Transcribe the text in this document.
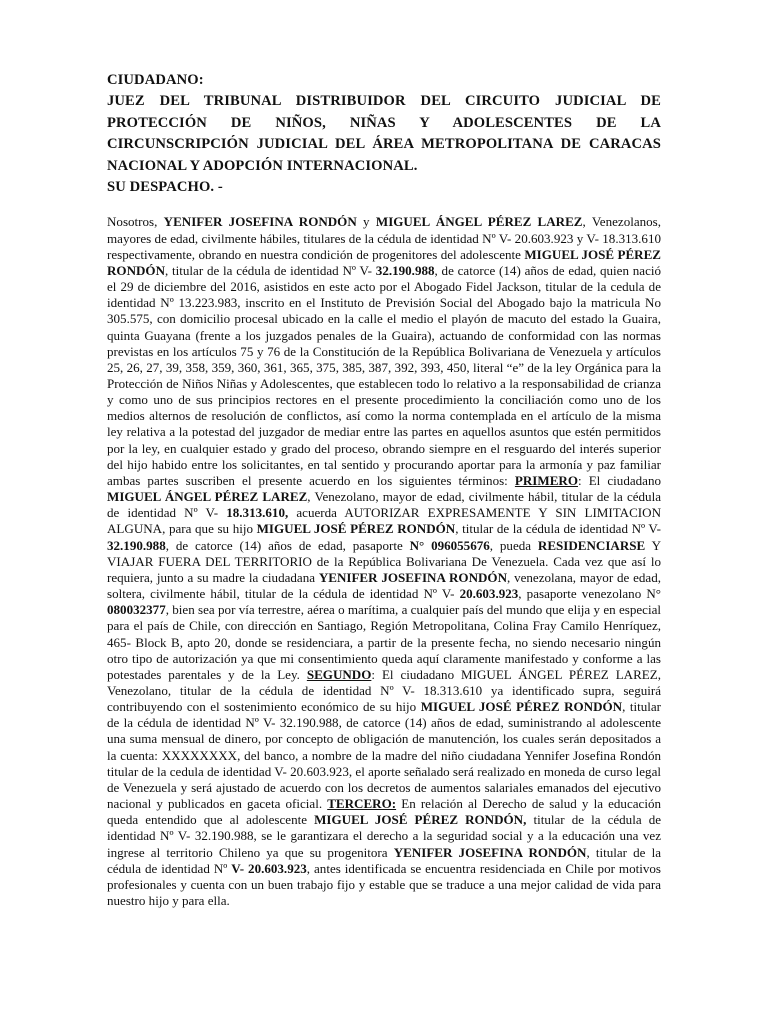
CIUDADANO:
JUEZ DEL TRIBUNAL DISTRIBUIDOR DEL CIRCUITO JUDICIAL DE
PROTECCIÓN DE NIÑOS, NIÑAS Y ADOLESCENTES DE LA
CIRCUNSCRIPCIÓN JUDICIAL DEL ÁREA METROPOLITANA DE CARACAS
NACIONAL Y ADOPCIÓN INTERNACIONAL.
SU DESPACHO. -

Nosotros, YENIFER JOSEFINA RONDÓN y MIGUEL ÁNGEL PÉREZ LAREZ, Venezolanos, mayores de edad, civilmente hábiles, titulares de la cédula de identidad Nº V- 20.603.923 y V- 18.313.610 respectivamente, obrando en nuestra condición de progenitores del adolescente MIGUEL JOSÉ PÉREZ RONDÓN, titular de la cédula de identidad Nº V- 32.190.988, de catorce (14) años de edad, quien nació el 29 de diciembre del 2016, asistidos en este acto por el Abogado Fidel Jackson, titular de la cedula de identidad Nº 13.223.983, inscrito en el Instituto de Previsión Social del Abogado bajo la matricula No 305.575, con domicilio procesal ubicado en la calle el medio el playón de macuto del estado la Guaira, quinta Guayana (frente a los juzgados penales de la Guaira), actuando de conformidad con las normas previstas en los artículos 75 y 76 de la Constitución de la República Bolivariana de Venezuela y artículos 25, 26, 27, 39, 358, 359, 360, 361, 365, 375, 385, 387, 392, 393, 450, literal “e” de la ley Orgánica para la Protección de Niños Niñas y Adolescentes, que establecen todo lo relativo a la responsabilidad de crianza y como uno de sus principios rectores en el presente procedimiento la conciliación como uno de los medios alternos de resolución de conflictos, así como la norma contemplada en el artículo de la misma ley relativa a la potestad del juzgador de mediar entre las partes en aquellos asuntos que estén permitidos por la ley, en cualquier estado y grado del proceso, obrando siempre en el resguardo del interés superior del hijo habido entre los solicitantes, en tal sentido y procurando aportar para la armonía y paz familiar ambas partes suscriben el presente acuerdo en los siguientes términos: PRIMERO: El ciudadano MIGUEL ÁNGEL PÉREZ LAREZ, Venezolano, mayor de edad, civilmente hábil, titular de la cédula de identidad Nº V- 18.313.610, acuerda AUTORIZAR EXPRESAMENTE Y SIN LIMITACION ALGUNA, para que su hijo MIGUEL JOSÉ PÉREZ RONDÓN, titular de la cédula de identidad Nº V- 32.190.988, de catorce (14) años de edad, pasaporte N° 096055676, pueda RESIDENCIARSE Y VIAJAR FUERA DEL TERRITORIO de la República Bolivariana De Venezuela. Cada vez que así lo requiera, junto a su madre la ciudadana YENIFER JOSEFINA RONDÓN, venezolana, mayor de edad, soltera, civilmente hábil, titular de la cédula de identidad Nº V- 20.603.923, pasaporte venezolano N° 080032377, bien sea por vía terrestre, aérea o marítima, a cualquier país del mundo que elija y en especial para el país de Chile, con dirección en Santiago, Región Metropolitana, Colina Fray Camilo Henríquez, 465- Block B, apto 20, donde se residenciara, a partir de la presente fecha, no siendo necesario ningún otro tipo de autorización ya que mi consentimiento queda aquí claramente manifestado y conforme a las potestades parentales y de la Ley. SEGUNDO: El ciudadano MIGUEL ÁNGEL PÉREZ LAREZ, Venezolano, titular de la cédula de identidad Nº V- 18.313.610 ya identificado supra, seguirá contribuyendo con el sostenimiento económico de su hijo MIGUEL JOSÉ PÉREZ RONDÓN, titular de la cédula de identidad Nº V- 32.190.988, de catorce (14) años de edad, suministrando al adolescente una suma mensual de dinero, por concepto de obligación de manutención, los cuales serán depositados a la cuenta: XXXXXXXX, del banco, a nombre de la madre del niño ciudadana Yennifer Josefina Rondón titular de la cedula de identidad V- 20.603.923, el aporte señalado será realizado en moneda de curso legal de Venezuela y será ajustado de acuerdo con los decretos de aumentos salariales emanados del ejecutivo nacional y publicados en gaceta oficial. TERCERO: En relación al Derecho de salud y la educación queda entendido que al adolescente MIGUEL JOSÉ PÉREZ RONDÓN, titular de la cédula de identidad Nº V- 32.190.988, se le garantizara el derecho a la seguridad social y a la educación una vez ingrese al territorio Chileno ya que su progenitora YENIFER JOSEFINA RONDÓN, titular de la cédula de identidad Nº V- 20.603.923, antes identificada se encuentra residenciada en Chile por motivos profesionales y cuenta con un buen trabajo fijo y estable que se traduce a una mejor calidad de vida para nuestro hijo y para ella.
